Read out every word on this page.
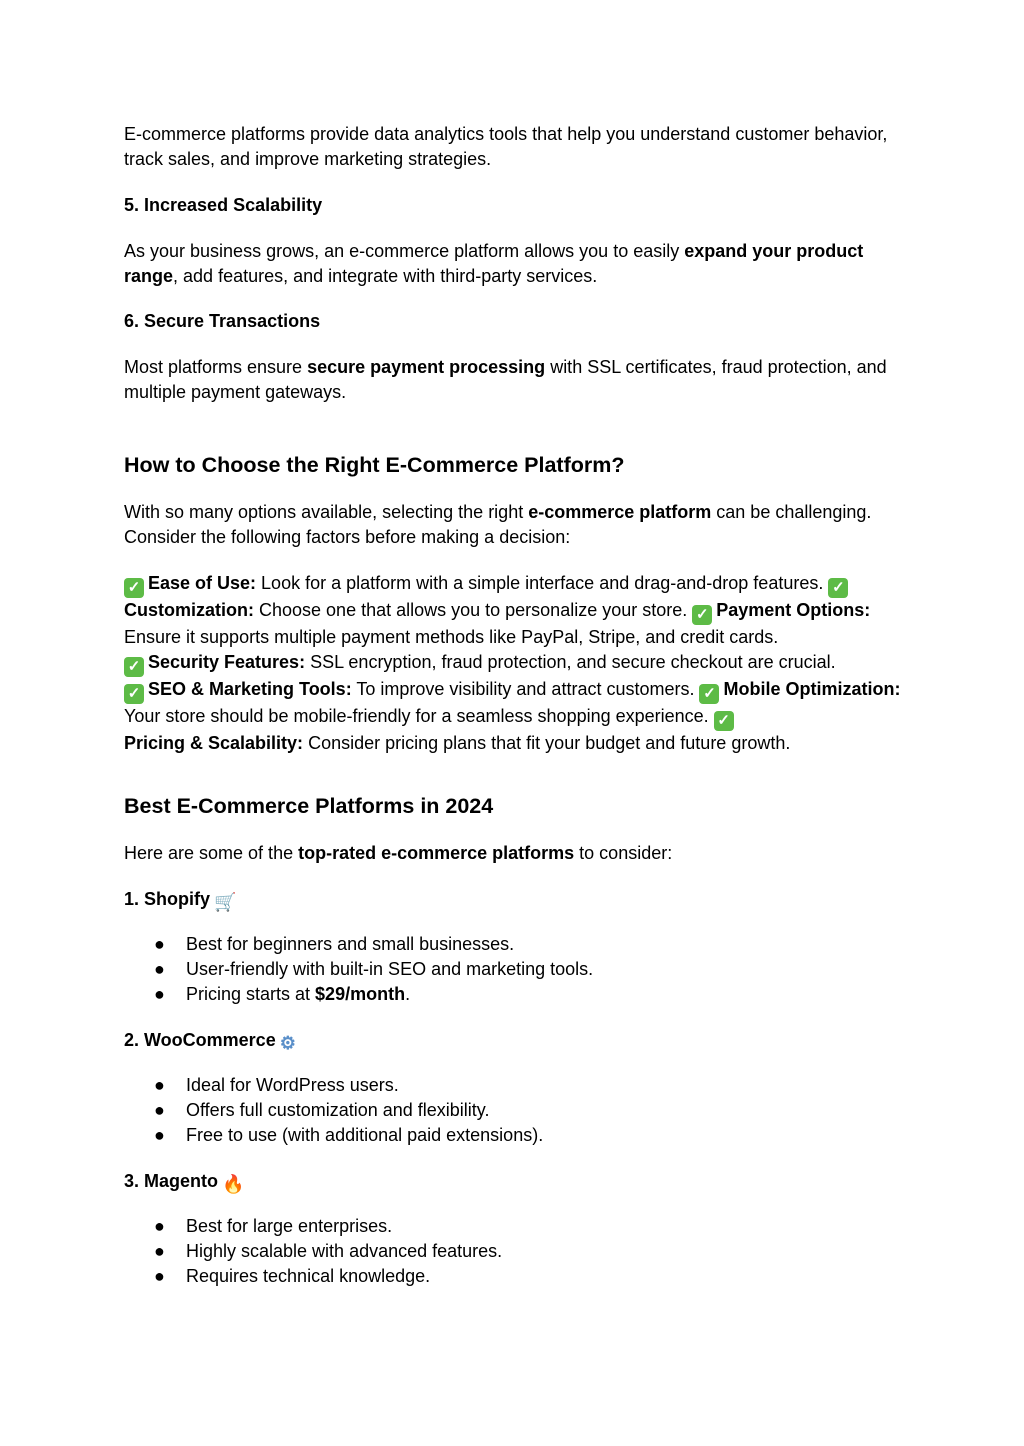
E-commerce platforms provide data analytics tools that help you understand customer behavior, track sales, and improve marketing strategies.

5. Increased Scalability

As your business grows, an e-commerce platform allows you to easily expand your product range, add features, and integrate with third-party services.

6. Secure Transactions

Most platforms ensure secure payment processing with SSL certificates, fraud protection, and multiple payment gateways.

How to Choose the Right E-Commerce Platform?

With so many options available, selecting the right e-commerce platform can be challenging. Consider the following factors before making a decision:

✓ Ease of Use: Look for a platform with a simple interface and drag-and-drop features. ✓
Customization: Choose one that allows you to personalize your store. ✓ Payment Options: Ensure it supports multiple payment methods like PayPal, Stripe, and credit cards.
✓ Security Features: SSL encryption, fraud protection, and secure checkout are crucial.
✓ SEO & Marketing Tools: To improve visibility and attract customers. ✓ Mobile Optimization: Your store should be mobile-friendly for a seamless shopping experience. ✓
Pricing & Scalability: Consider pricing plans that fit your budget and future growth.

Best E-Commerce Platforms in 2024

Here are some of the top-rated e-commerce platforms to consider:

1. Shopify 🛒
● Best for beginners and small businesses.
● User-friendly with built-in SEO and marketing tools.
● Pricing starts at $29/month.
2. WooCommerce ⚙
● Ideal for WordPress users.
● Offers full customization and flexibility.
● Free to use (with additional paid extensions).
3. Magento 🔥
● Best for large enterprises.
● Highly scalable with advanced features.
● Requires technical knowledge.
